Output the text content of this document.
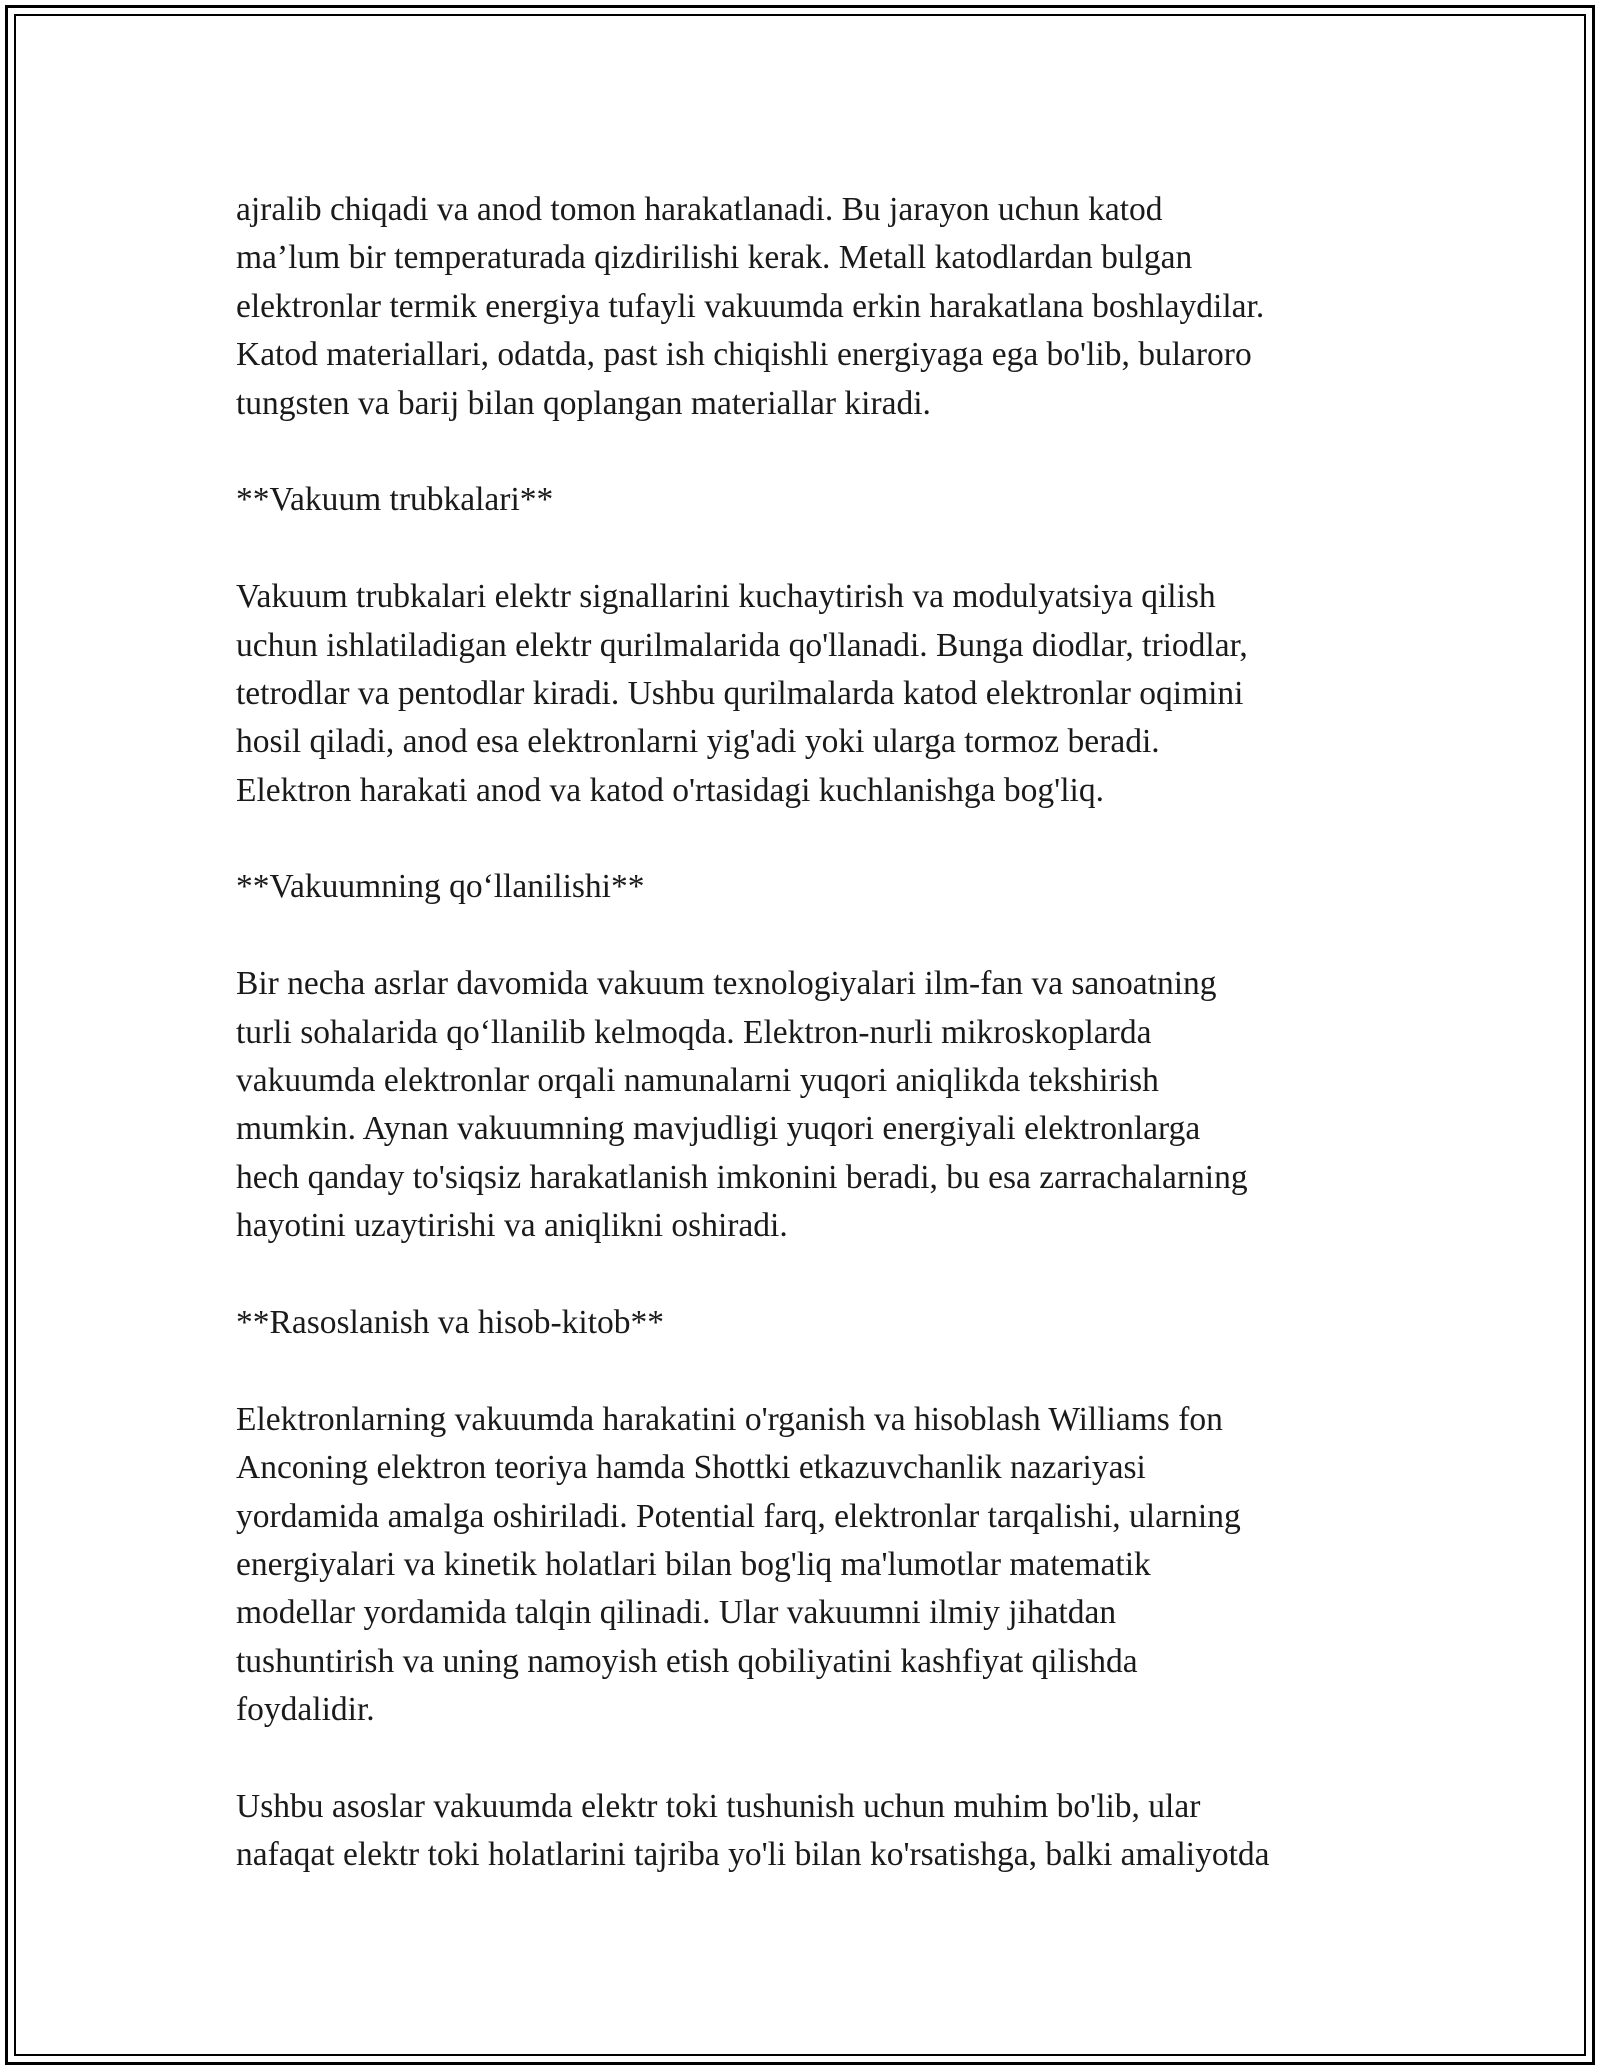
ajralib chiqadi va anod tomon harakatlanadi. Bu jarayon uchun katod
ma’lum bir temperaturada qizdirilishi kerak. Metall katodlardan bulgan
elektronlar termik energiya tufayli vakuumda erkin harakatlana boshlaydilar.
Katod materiallari, odatda, past ish chiqishli energiyaga ega bo'lib, bularoro
tungsten va barij bilan qoplangan materiallar kiradi.
**Vakuum trubkalari**
Vakuum trubkalari elektr signallarini kuchaytirish va modulyatsiya qilish
uchun ishlatiladigan elektr qurilmalarida qo'llanadi. Bunga diodlar, triodlar,
tetrodlar va pentodlar kiradi. Ushbu qurilmalarda katod elektronlar oqimini
hosil qiladi, anod esa elektronlarni yig'adi yoki ularga tormoz beradi.
Elektron harakati anod va katod o'rtasidagi kuchlanishga bog'liq.
**Vakuumning qo‘llanilishi**
Bir necha asrlar davomida vakuum texnologiyalari ilm-fan va sanoatning
turli sohalarida qo‘llanilib kelmoqda. Elektron-nurli mikroskoplarda
vakuumda elektronlar orqali namunalarni yuqori aniqlikda tekshirish
mumkin. Aynan vakuumning mavjudligi yuqori energiyali elektronlarga
hech qanday to'siqsiz harakatlanish imkonini beradi, bu esa zarrachalarning
hayotini uzaytirishi va aniqlikni oshiradi.
**Rasoslanish va hisob-kitob**
Elektronlarning vakuumda harakatini o'rganish va hisoblash Williams fon
Anconing elektron teoriya hamda Shottki etkazuvchanlik nazariyasi
yordamida amalga oshiriladi. Potential farq, elektronlar tarqalishi, ularning
energiyalari va kinetik holatlari bilan bog'liq ma'lumotlar matematik
modellar yordamida talqin qilinadi. Ular vakuumni ilmiy jihatdan
tushuntirish va uning namoyish etish qobiliyatini kashfiyat qilishda
foydalidir.
Ushbu asoslar vakuumda elektr toki tushunish uchun muhim bo'lib, ular
nafaqat elektr toki holatlarini tajriba yo'li bilan ko'rsatishga, balki amaliyotda
